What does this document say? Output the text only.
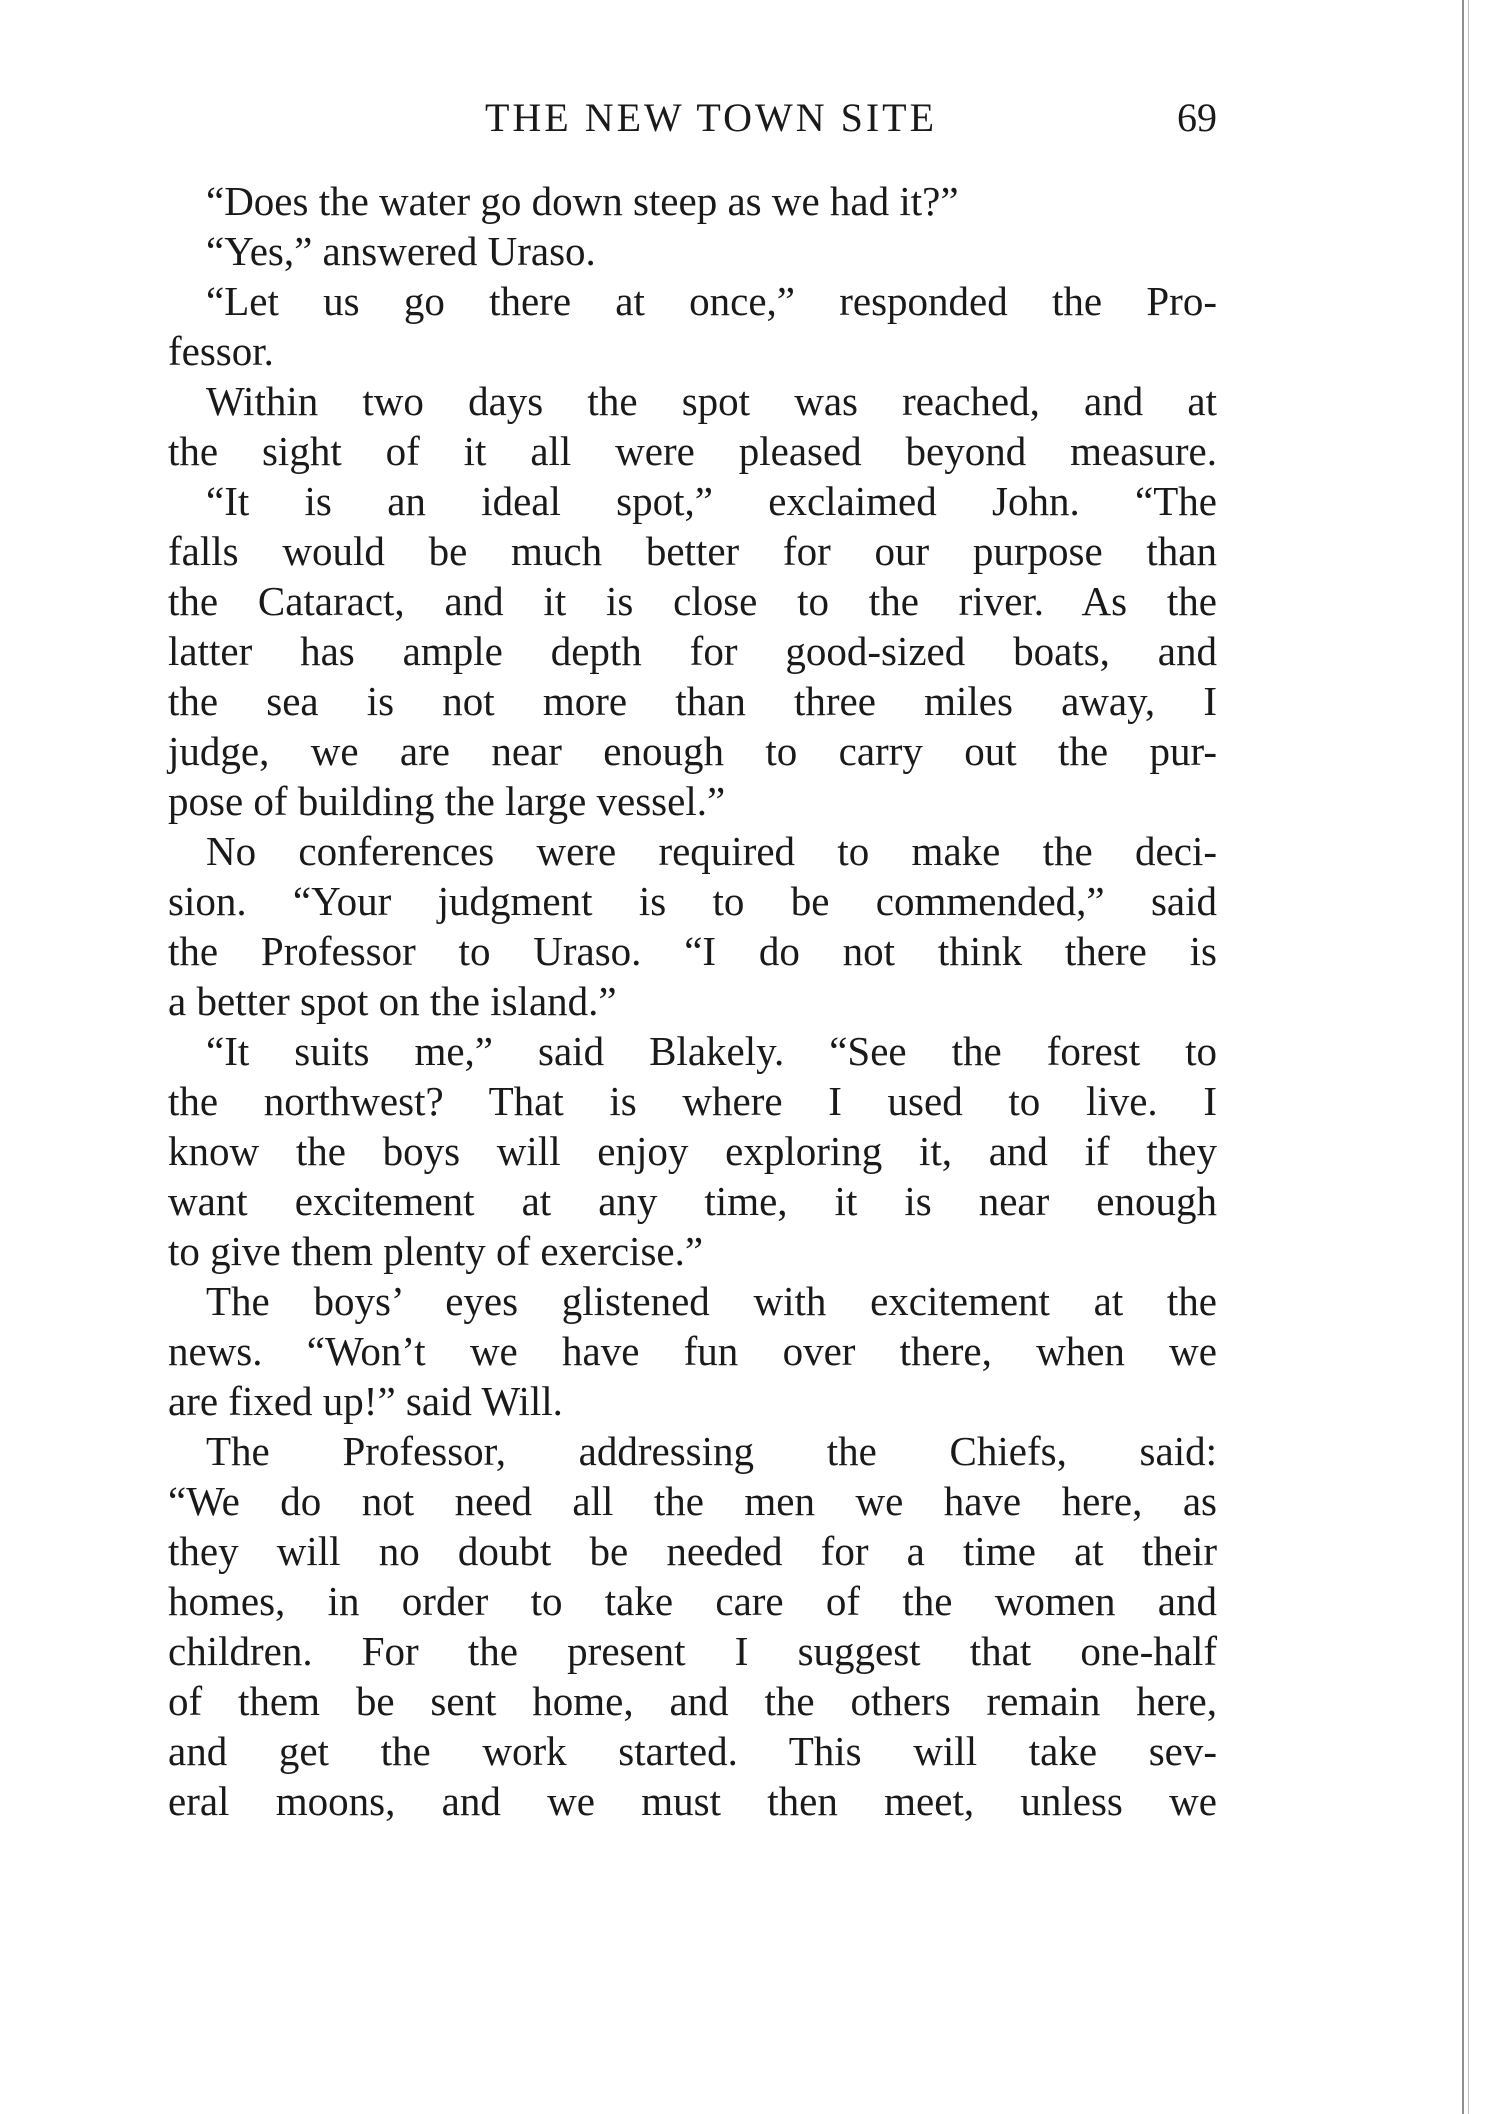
THE NEW TOWN SITE	69
“Does the water go down steep as we had it?”
“Yes,” answered Uraso.
“Let us go there at once,” responded the Pro-
fessor.
Within two days the spot was reached, and at
the sight of it all were pleased beyond measure.
“It is an ideal spot,” exclaimed John. “The
falls would be much better for our purpose than
the Cataract, and it is close to the river. As the
latter has ample depth for good-sized boats, and
the sea is not more than three miles away, I
judge, we are near enough to carry out the pur-
pose of building the large vessel.”
No conferences were required to make the deci-
sion. “Your judgment is to be commended,” said
the Professor to Uraso. “I do not think there is
a better spot on the island.”
“It suits me,” said Blakely. “See the forest to
the northwest? That is where I used to live. I
know the boys will enjoy exploring it, and if they
want excitement at any time, it is near enough
to give them plenty of exercise.”
The boys’ eyes glistened with excitement at the
news. “Won’t we have fun over there, when we
are fixed up!” said Will.
The Professor, addressing the Chiefs, said:
“We do not need all the men we have here, as
they will no doubt be needed for a time at their
homes, in order to take care of the women and
children. For the present I suggest that one-half
of them be sent home, and the others remain here,
and get the work started. This will take sev-
eral moons, and we must then meet, unless we
